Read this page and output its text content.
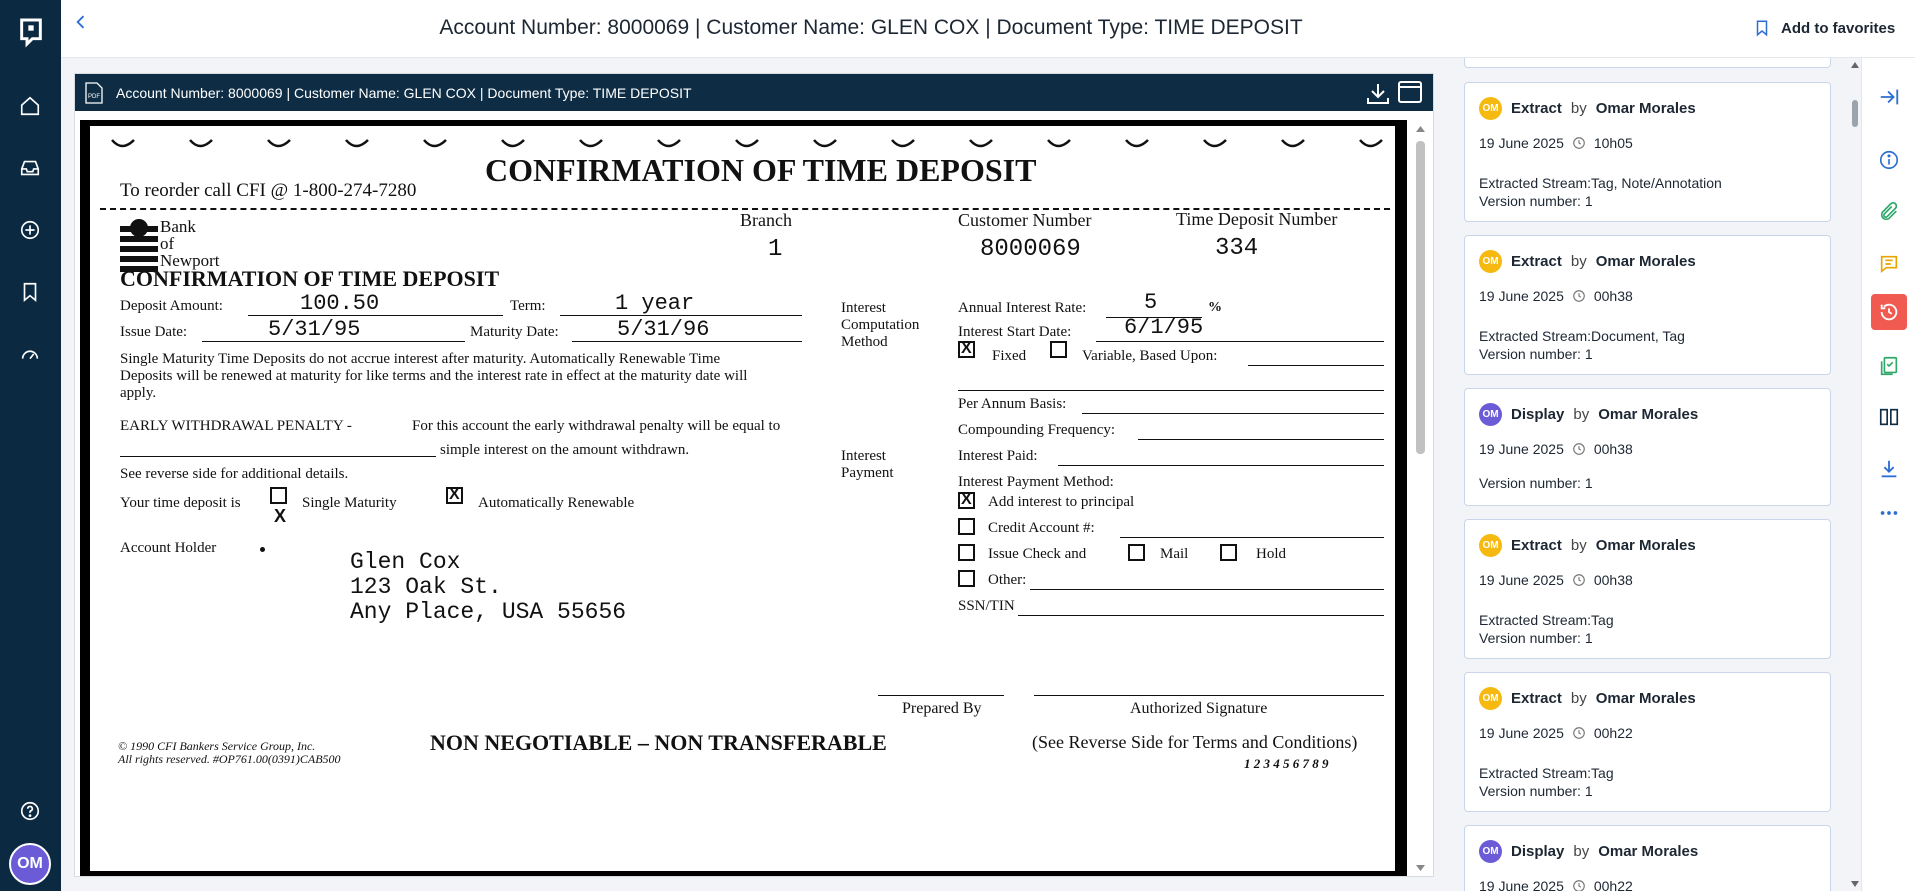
OM
Account Number: 8000069 | Customer Name: GLEN COX | Document Type: TIME DEPOSIT	Add to favorites
PDF Account Number: 8000069 | Customer Name: GLEN COX | Document Type: TIME DEPOSIT
CONFIRMATION OF TIME DEPOSIT
To reorder call CFI @ 1-800-274-7280
Bank
of
Newport
Branch
1
Customer Number
8000069
Time Deposit Number
334
CONFIRMATION OF TIME DEPOSIT
Deposit Amount:	100.50	Term:	1 year
Issue Date:	5/31/95	Maturity Date:	5/31/96
Single Maturity Time Deposits do not accrue interest after maturity. Automatically Renewable Time
Deposits will be renewed at maturity for like terms and the interest rate in effect at the maturity date will
apply.
EARLY WITHDRAWAL PENALTY -	For this account the early withdrawal penalty will be equal to
simple interest on the amount withdrawn.
See reverse side for additional details.
Your time deposit is	Single Maturity
X
X
Automatically Renewable
Account Holder
Glen Cox
123 Oak St.
Any Place, USA 55656
Interest
Computation
Method
Annual Interest Rate:	5	%
Interest Start Date: 6/1/95
X
Fixed	Variable, Based Upon:
Per Annum Basis:
Compounding Frequency:
Interest
Payment
Interest Paid:
Interest Payment Method:
X
Add interest to principal
Credit Account #:
Issue Check and	Mail	Hold
Other:
SSN/TIN
Prepared By	Authorized Signature
© 1990 CFI Bankers Service Group, Inc.
All rights reserved. #OP761.00(0391)CAB500
NON NEGOTIABLE – NON TRANSFERABLE	(See Reverse Side for Terms and Conditions)
1 2 3 4 5 6 7 8 9
OM Extract by Omar Morales
19 June 2025 10h05
Extracted Stream:Tag, Note/Annotation
Version number: 1
OM Extract by Omar Morales
19 June 2025 00h38
Extracted Stream:Document, Tag
Version number: 1
OM Display by Omar Morales
19 June 2025 00h38
Version number: 1
OM Extract by Omar Morales
19 June 2025 00h38
Extracted Stream:Tag
Version number: 1
OM Extract by Omar Morales
19 June 2025 00h22
Extracted Stream:Tag
Version number: 1
OM Display by Omar Morales
19 June 2025 00h22
